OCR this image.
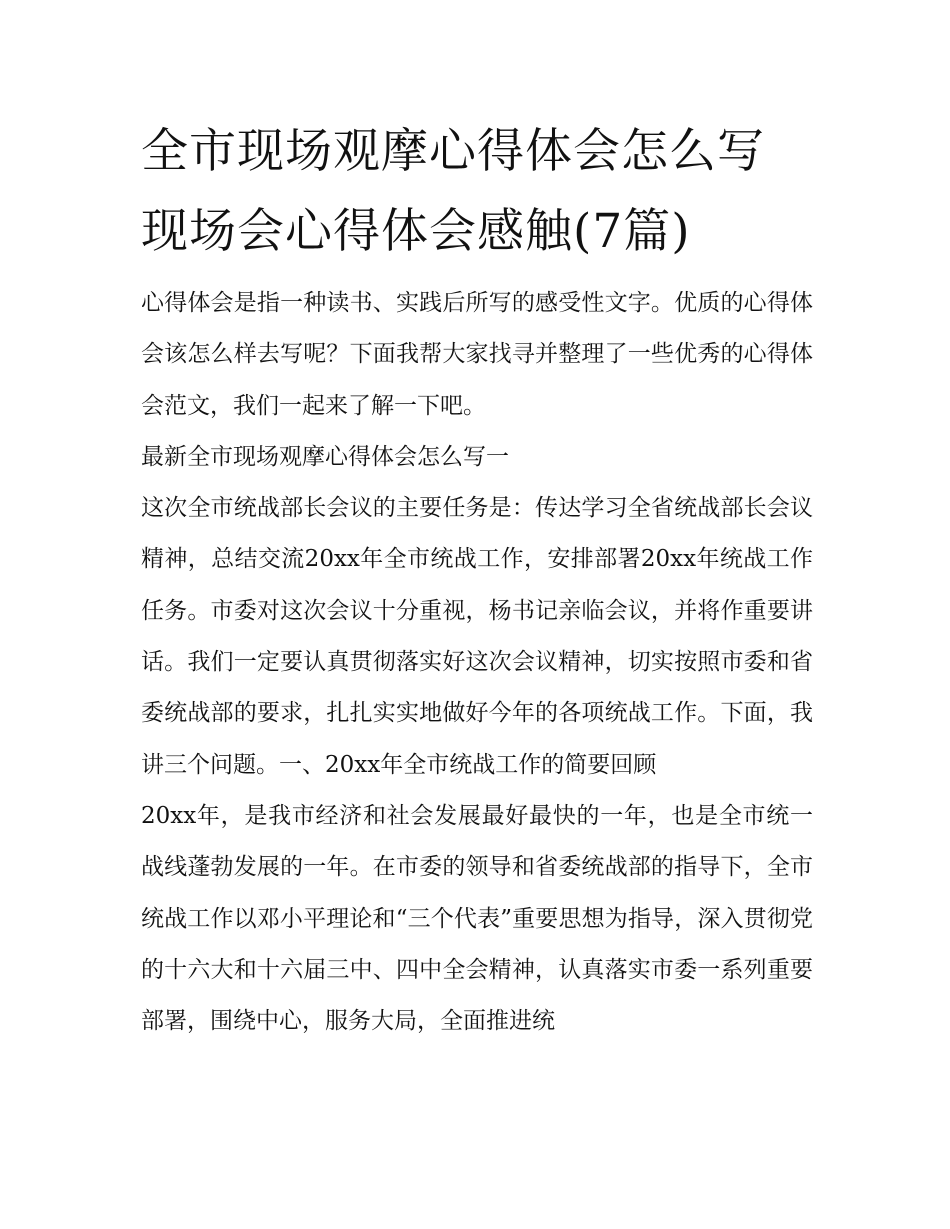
全市现场观摩心得体会怎么写
现场会心得体会感触(7篇)

心得体会是指一种读书、实践后所写的感受性文字。优质的心得体会该怎么样去写呢？下面我帮大家找寻并整理了一些优秀的心得体会范文，我们一起来了解一下吧。

最新全市现场观摩心得体会怎么写一

这次全市统战部长会议的主要任务是：传达学习全省统战部长会议精神，总结交流20xx年全市统战工作，安排部署20xx年统战工作任务。市委对这次会议十分重视，杨书记亲临会议，并将作重要讲话。我们一定要认真贯彻落实好这次会议精神，切实按照市委和省委统战部的要求，扎扎实实地做好今年的各项统战工作。下面，我讲三个问题。一、20xx年全市统战工作的简要回顾

20xx年，是我市经济和社会发展最好最快的一年，也是全市统一战线蓬勃发展的一年。在市委的领导和省委统战部的指导下，全市统战工作以邓小平理论和“三个代表”重要思想为指导，深入贯彻党的十六大和十六届三中、四中全会精神，认真落实市委一系列重要部署，围绕中心，服务大局，全面推进统
